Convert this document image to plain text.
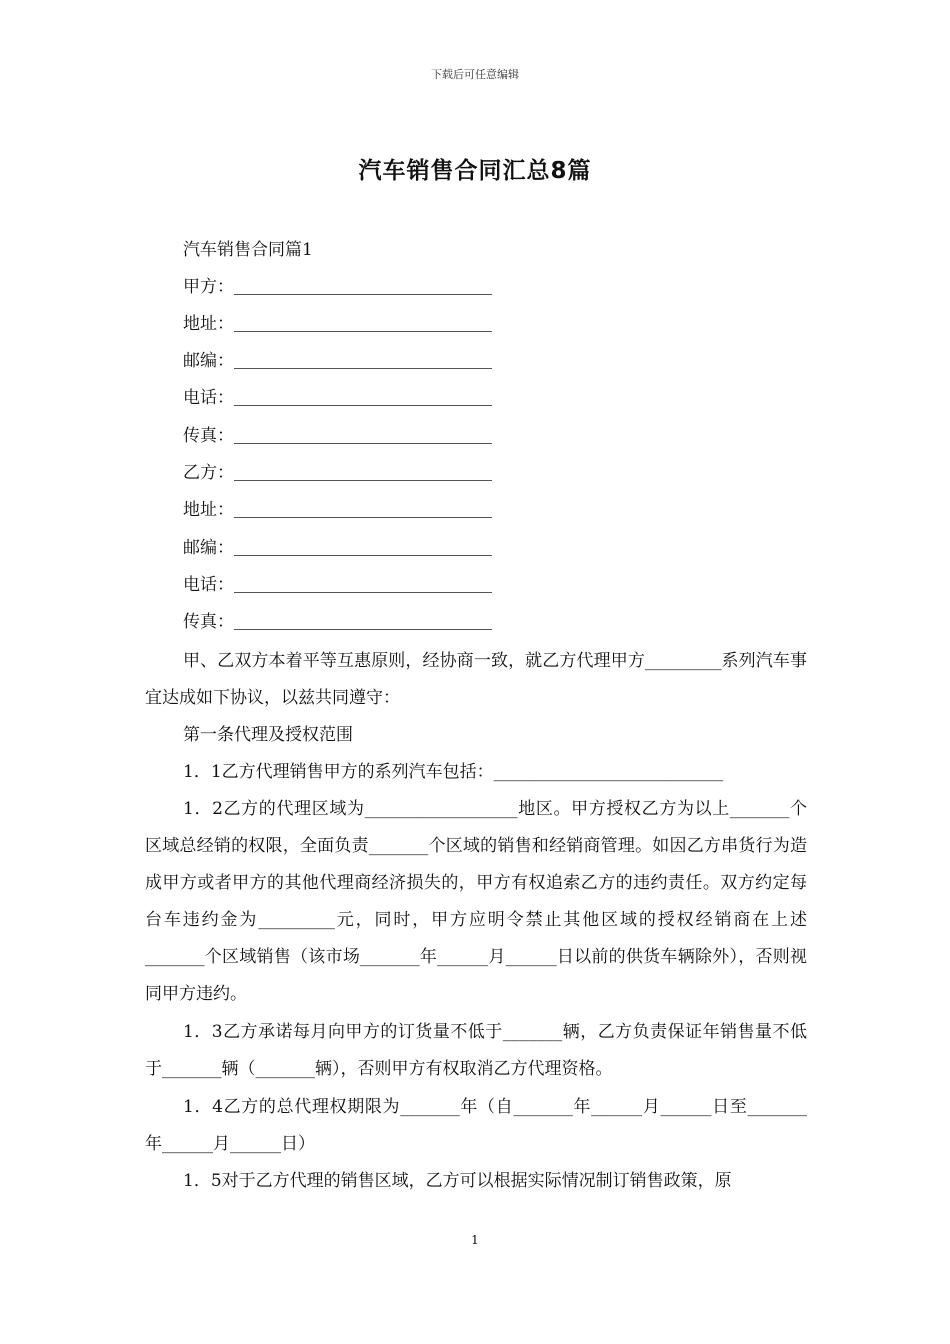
下载后可任意编辑
汽车销售合同汇总8篇
汽车销售合同篇1
甲方：
地址：
邮编：
电话：
传真：
乙方：
地址：
邮编：
电话：
传真：
甲、乙双方本着平等互惠原则，经协商一致，就乙方代理甲方_________系列汽车事宜达成如下协议，以兹共同遵守：
第一条代理及授权范围
1．1乙方代理销售甲方的系列汽车包括：___________________________
1．2乙方的代理区域为__________________地区。甲方授权乙方为以上_______个区域总经销的权限，全面负责_______个区域的销售和经销商管理。如因乙方串货行为造成甲方或者甲方的其他代理商经济损失的，甲方有权追索乙方的违约责任。双方约定每台车违约金为_________元，同时，甲方应明令禁止其他区域的授权经销商在上述_______个区域销售（该市场_______年______月______日以前的供货车辆除外），否则视同甲方违约。
1．3乙方承诺每月向甲方的订货量不低于_______辆，乙方负责保证年销售量不低于_______辆（_______辆），否则甲方有权取消乙方代理资格。
1．4乙方的总代理权期限为_______年（自_______年______月______日至_______年______月______日）
1．5对于乙方代理的销售区域，乙方可以根据实际情况制订销售政策，原
1
